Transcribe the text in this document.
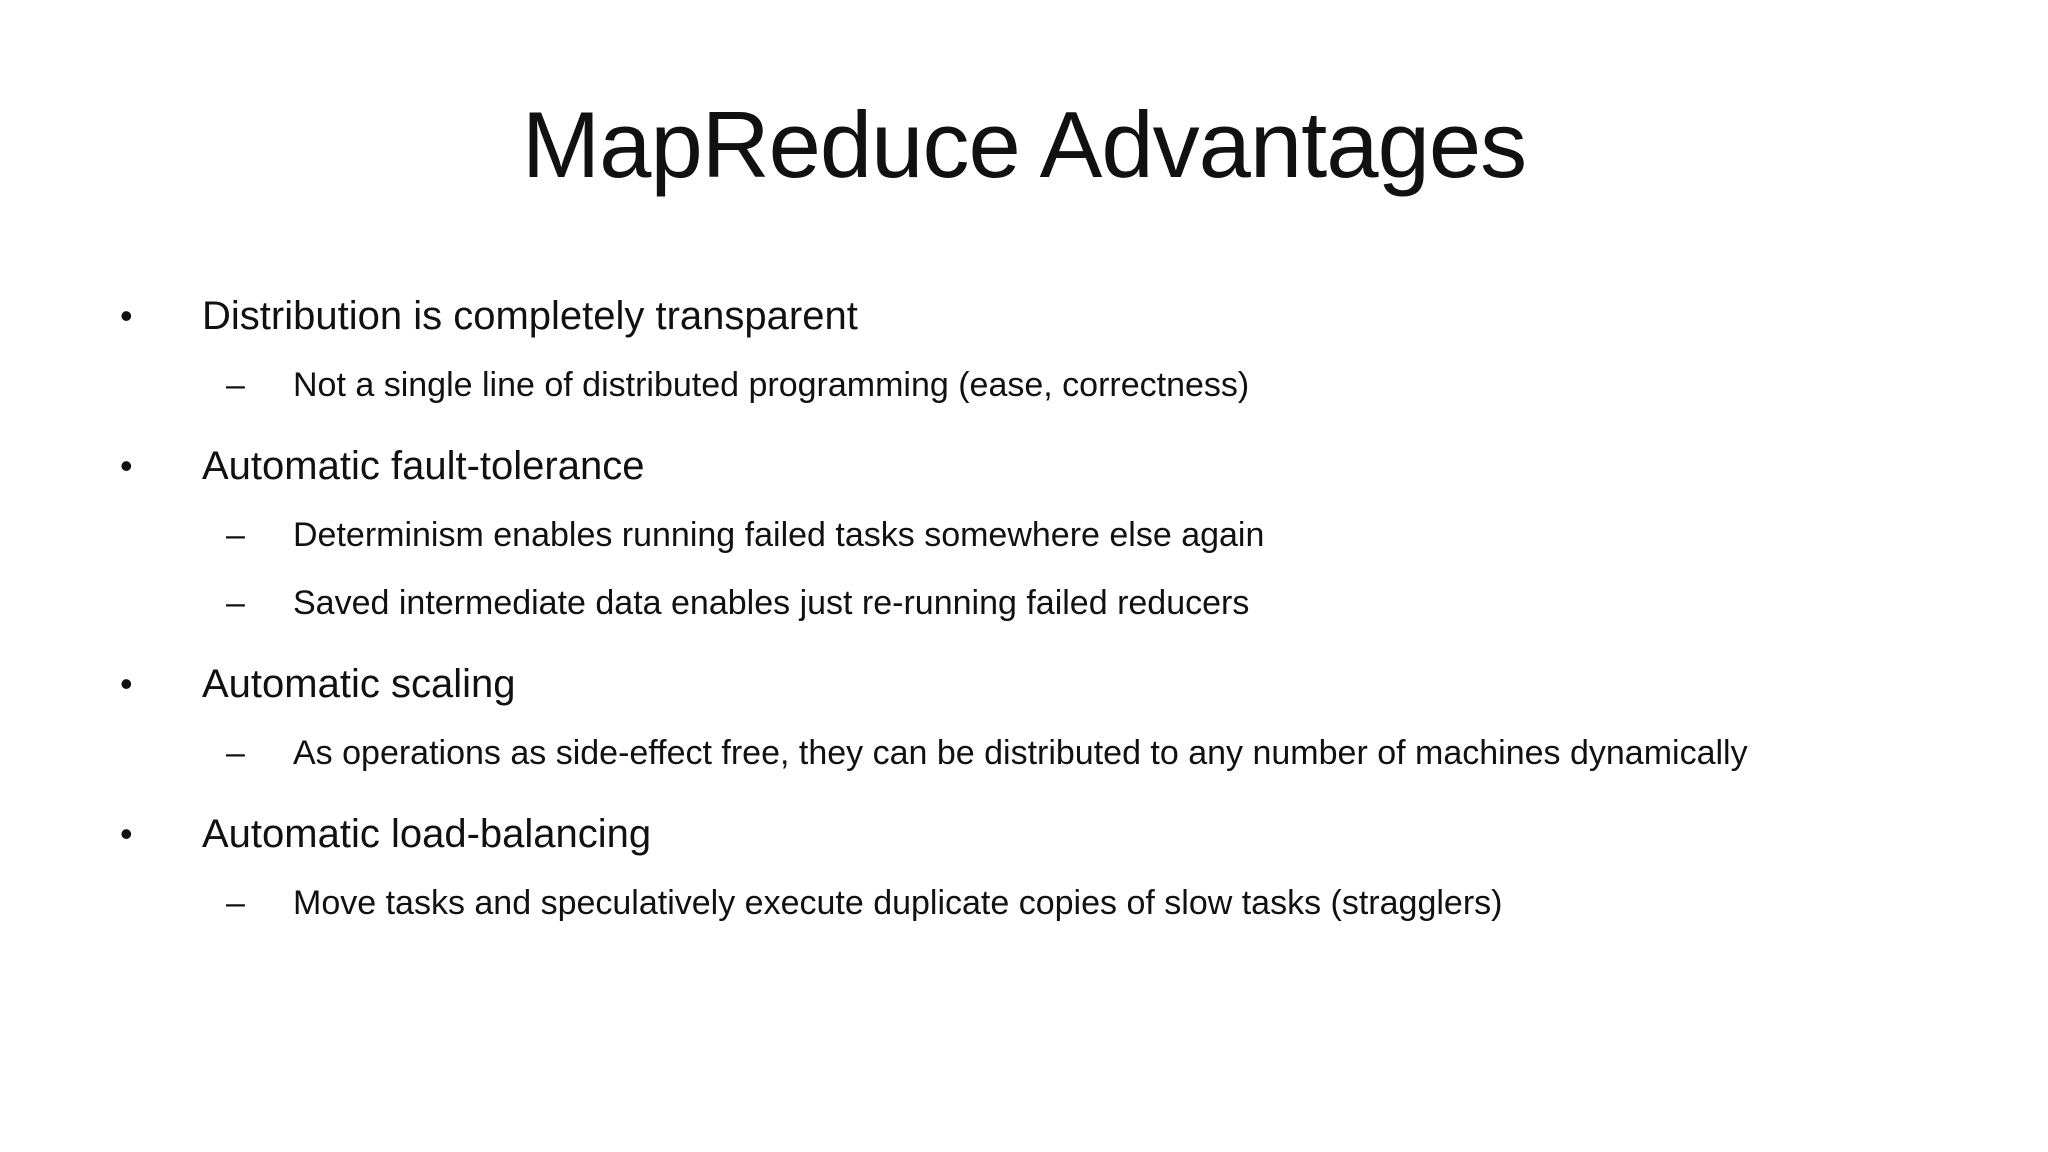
MapReduce Advantages
•	Distribution is completely transparent
–	Not a single line of distributed programming (ease, correctness)
•	Automatic fault-tolerance
–	Determinism enables running failed tasks somewhere else again
–	Saved intermediate data enables just re-running failed reducers
•	Automatic scaling
–	As operations as side-effect free, they can be distributed to any number of machines dynamically
•	Automatic load-balancing
–	Move tasks and speculatively execute duplicate copies of slow tasks (stragglers)
